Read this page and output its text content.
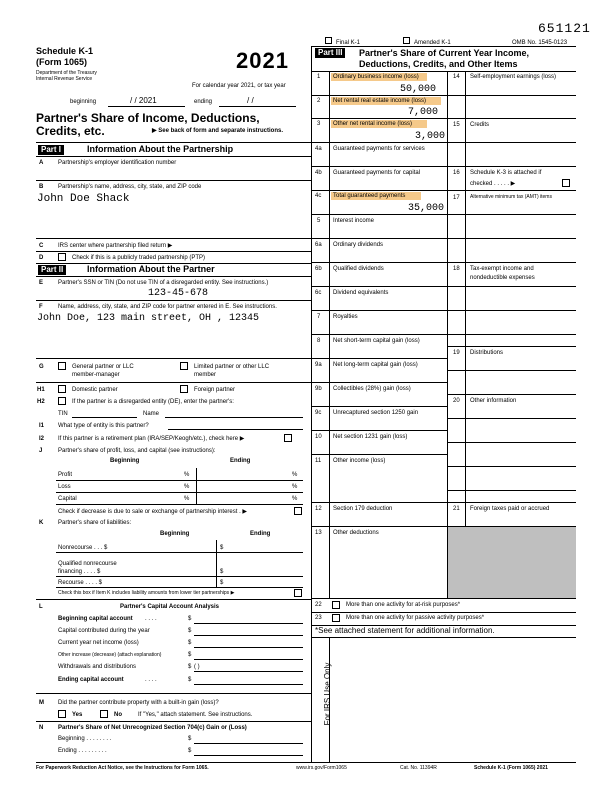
651121
Final K-1	Amended K-1	OMB No. 1545-0123
Schedule K-1
(Form 1065)
Department of the Treasury
Internal Revenue Service
2021
For calendar year 2021, or tax year
beginning	/ / 2021	ending	/ /
Partner's Share of Income, Deductions,
Credits, etc.	▶ See back of form and separate instructions.
Part III	Partner's Share of Current Year Income,
Deductions, Credits, and Other Items
1 Ordinary business income (loss)
50,000
2 Net rental real estate income (loss)
7,000
3 Other net rental income (loss)
3,000
4a Guaranteed payments for services
4b Guaranteed payments for capital
4c Total guaranteed payments
35,000
5 Interest income
6a Ordinary dividends
6b Qualified dividends
6c Dividend equivalents
7 Royalties
8 Net short-term capital gain (loss)
9a Net long-term capital gain (loss)
9b Collectibles (28%) gain (loss)
9c Unrecaptured section 1250 gain
10 Net section 1231 gain (loss)
11 Other income (loss)
12 Section 179 deduction
13 Other deductions
14 Self-employment earnings (loss)
15 Credits
16 Schedule K-3 is attached if
checked . . . . . ▶
17 Alternative minimum tax (AMT) items
18 Tax-exempt income and
nondeductible expenses
19 Distributions
20 Other information
21 Foreign taxes paid or accrued
22	More than one activity for at-risk purposes*
23	More than one activity for passive activity purposes*
*See attached statement for additional information.
For IRS Use Only
Part I	Information About the Partnership
A Partnership's employer identification number
B Partnership's name, address, city, state, and ZIP code
John Doe Shack
C IRS center where partnership filed return ▶
D	Check if this is a publicly traded partnership (PTP)
Part II	Information About the Partner
E Partner's SSN or TIN (Do not use TIN of a disregarded entity. See instructions.)
123-45-678
F	Name, address, city, state, and ZIP code for partner entered in E. See instructions.
John Doe, 123 main street, OH , 12345
G	General partner or LLC
member-manager
Limited partner or other LLC
member
H1	Domestic partner	Foreign partner
H2	If the partner is a disregarded entity (DE), enter the partner's:
TIN	Name
I1 What type of entity is this partner?
I2 If this partner is a retirement plan (IRA/SEP/Keogh/etc.), check here ▶
J	Partner's share of profit, loss, and capital (see instructions):
Beginning	Ending
Profit	%	%
Loss	%	%
Capital	%	%
Check if decrease is due to sale or exchange of partnership interest . ▶
K Partner's share of liabilities:
Beginning	Ending
Nonrecourse . . . $	$
Qualified nonrecourse
financing . . . . $	$
Recourse . . . . $	$
Check this box if Item K includes liability amounts from lower tier partnerships ▶
L	Partner's Capital Account Analysis
Beginning capital account . . . .	$
Capital contributed during the year	$
Current year net income (loss)	$
Other increase (decrease) (attach explanation)	$
Withdrawals and distributions	$ ( )
Ending capital account	. . . .	$
M Did the partner contribute property with a built-in gain (loss)?
Yes	No	If "Yes," attach statement. See instructions.
N Partner's Share of Net Unrecognized Section 704(c) Gain or (Loss)
Beginning . . . . . . . .	$
Ending . . . . . . . . .	$
For Paperwork Reduction Act Notice, see the Instructions for Form 1065.	www.irs.gov/Form1065	Cat. No. 11394R	Schedule K-1 (Form 1065) 2021
